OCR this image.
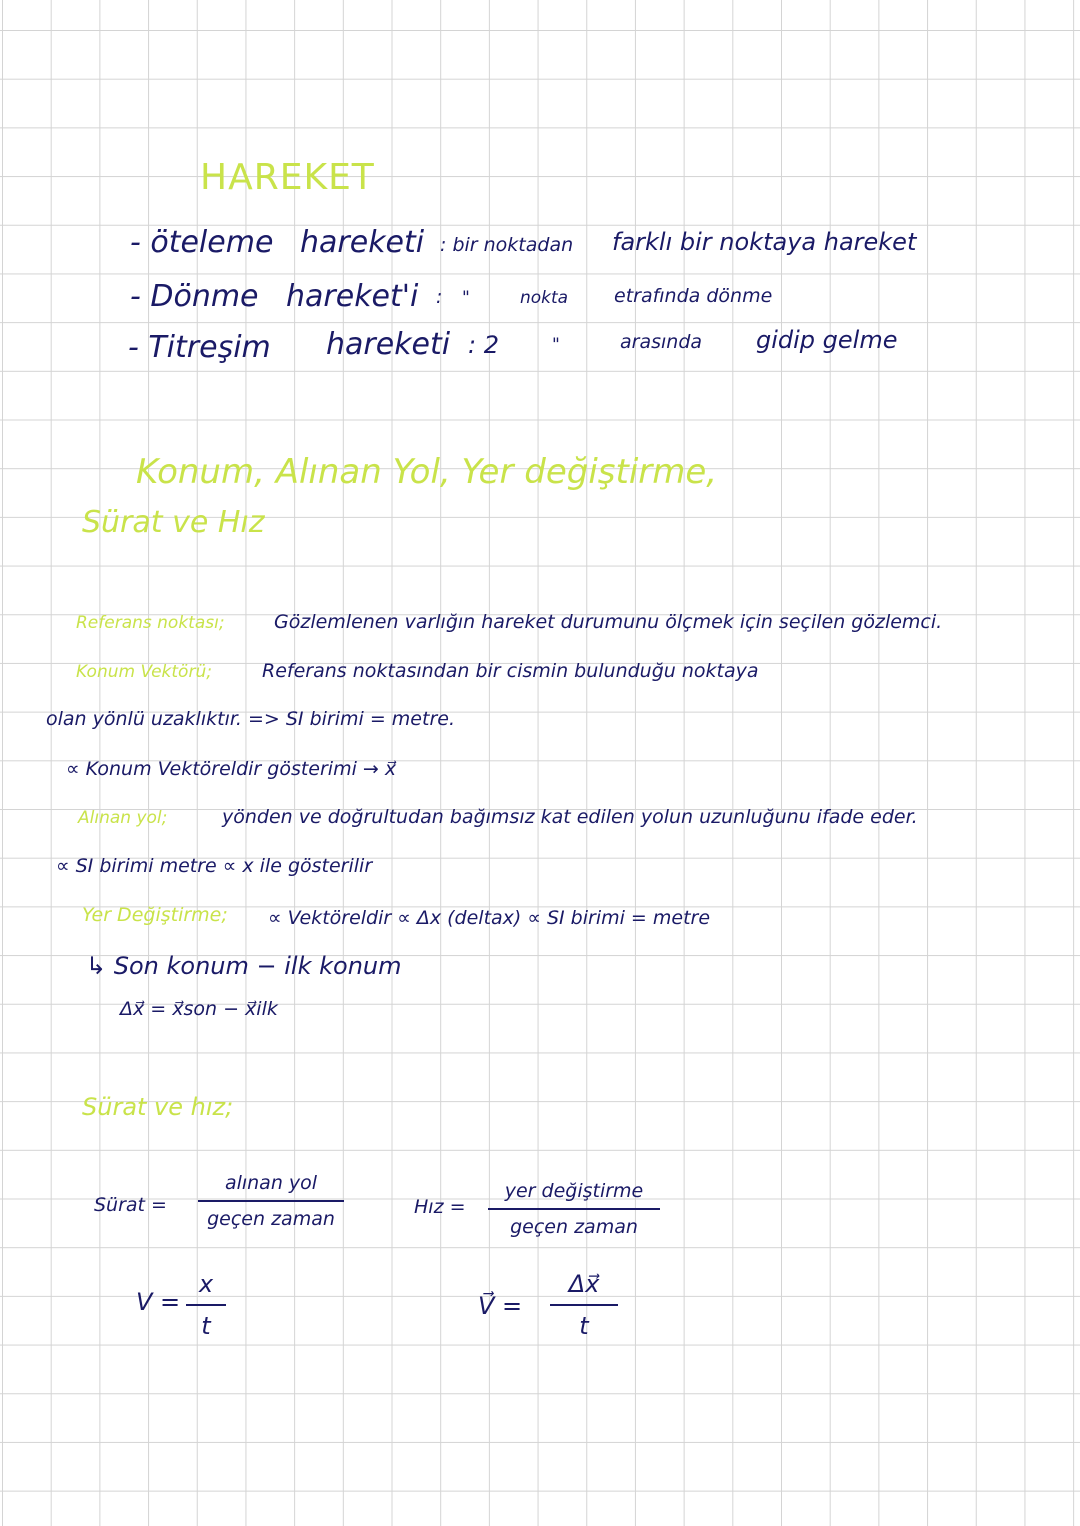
HAREKET
- öteleme hareketi : bir noktadan farklı bir noktaya hareket
- Dönme hareket'i : "	nokta etrafında dönme
- Titreşim hareketi : 2	"	arasında gidip gelme
Konum, Alınan Yol, Yer değiştirme,
Sürat ve Hız
Referans noktası;	Gözlemlenen varlığın hareket durumunu ölçmek için seçilen gözlemci.
Konum Vektörü;	Referans noktasından bir cismin bulunduğu noktaya
olan yönlü uzaklıktır. => SI birimi = metre.
∝ Konum Vektöreldir gösterimi → x⃗
Alınan yol;	yönden ve doğrultudan bağımsız kat edilen yolun uzunluğunu ifade eder.
∝ SI birimi metre ∝ x ile gösterilir
Yer Değiştirme; ∝ Vektöreldir ∝ Δx (deltax) ∝ SI birimi = metre
↳ Son konum − ilk konum
Δx⃗ = x⃗son − x⃗ilk
Sürat ve hız;
Sürat =
alınan yol
geçen zaman
Hız =
yer değiştirme
geçen zaman
V =
x
t
V⃗ =
Δx⃗
t
